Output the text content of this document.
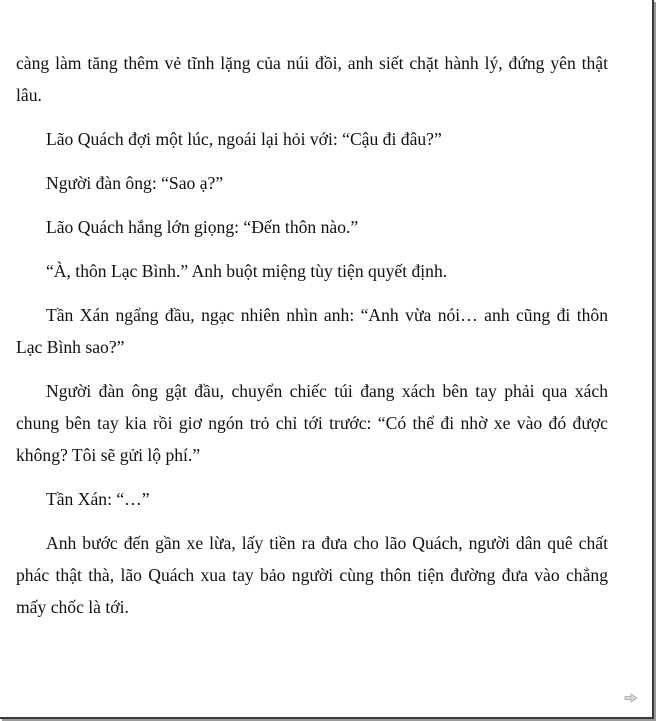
càng làm tăng thêm vẻ tĩnh lặng của núi đồi, anh siết chặt hành lý, đứng yên thật lâu.

Lão Quách đợi một lúc, ngoái lại hỏi với: “Cậu đi đâu?”

Người đàn ông: “Sao ạ?”

Lão Quách hắng lớn giọng: “Đến thôn nào.”

“À, thôn Lạc Bình.” Anh buột miệng tùy tiện quyết định.

Tần Xán ngẩng đầu, ngạc nhiên nhìn anh: “Anh vừa nói… anh cũng đi thôn Lạc Bình sao?”

Người đàn ông gật đầu, chuyển chiếc túi đang xách bên tay phải qua xách chung bên tay kia rồi giơ ngón trỏ chỉ tới trước: “Có thể đi nhờ xe vào đó được không? Tôi sẽ gửi lộ phí.”

Tần Xán: “…”

Anh bước đến gần xe lừa, lấy tiền ra đưa cho lão Quách, người dân quê chất phác thật thà, lão Quách xua tay bảo người cùng thôn tiện đường đưa vào chẳng mấy chốc là tới.
